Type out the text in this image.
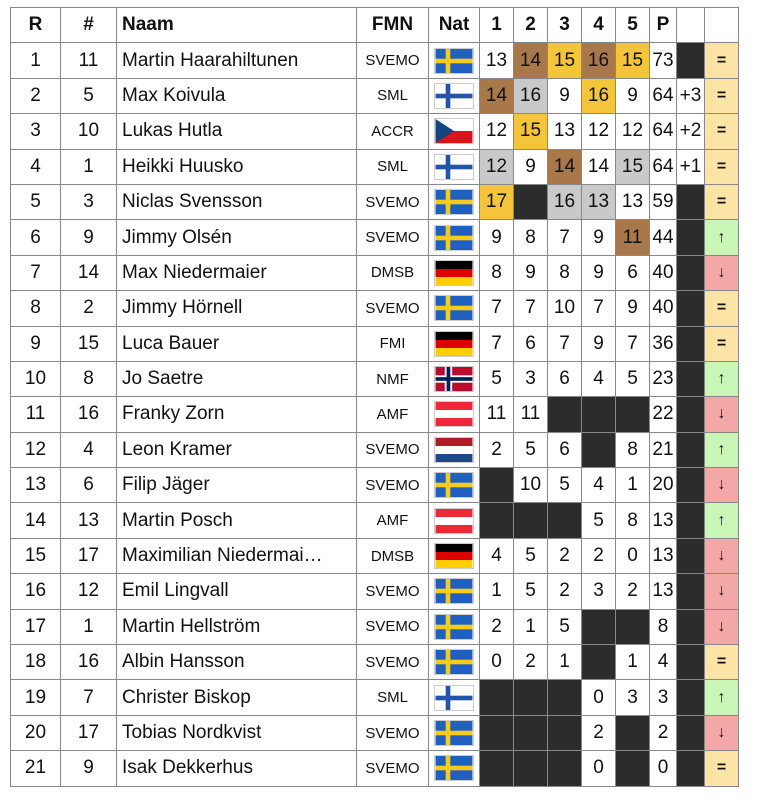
R	#	Naam	FMN	Nat	1	2	3	4	5	P		
1	11	Martin Haarahiltunen	SVEMO		13	14	15	16	15	73		=
2	5	Max Koivula	SML		14	16	9	16	9	64	+3	=
3	10	Lukas Hutla	ACCR		12	15	13	12	12	64	+2	=
4	1	Heikki Huusko	SML		12	9	14	14	15	64	+1	=
5	3	Niclas Svensson	SVEMO		17		16	13	13	59		=
6	9	Jimmy Olsén	SVEMO		9	8	7	9	11	44		↑
7	14	Max Niedermaier	DMSB		8	9	8	9	6	40		↓
8	2	Jimmy Hörnell	SVEMO		7	7	10	7	9	40		=
9	15	Luca Bauer	FMI		7	6	7	9	7	36		=
10	8	Jo Saetre	NMF		5	3	6	4	5	23		↑
11	16	Franky Zorn	AMF		11	11				22		↓
12	4	Leon Kramer	SVEMO		2	5	6		8	21		↑
13	6	Filip Jäger	SVEMO			10	5	4	1	20		↓
14	13	Martin Posch	AMF					5	8	13		↑
15	17	Maximilian Niedermai…	DMSB		4	5	2	2	0	13		↓
16	12	Emil Lingvall	SVEMO		1	5	2	3	2	13		↓
17	1	Martin Hellström	SVEMO		2	1	5			8		↓
18	16	Albin Hansson	SVEMO		0	2	1		1	4		=
19	7	Christer Biskop	SML					0	3	3		↑
20	17	Tobias Nordkvist	SVEMO					2		2		↓
21	9	Isak Dekkerhus	SVEMO					0		0		=
